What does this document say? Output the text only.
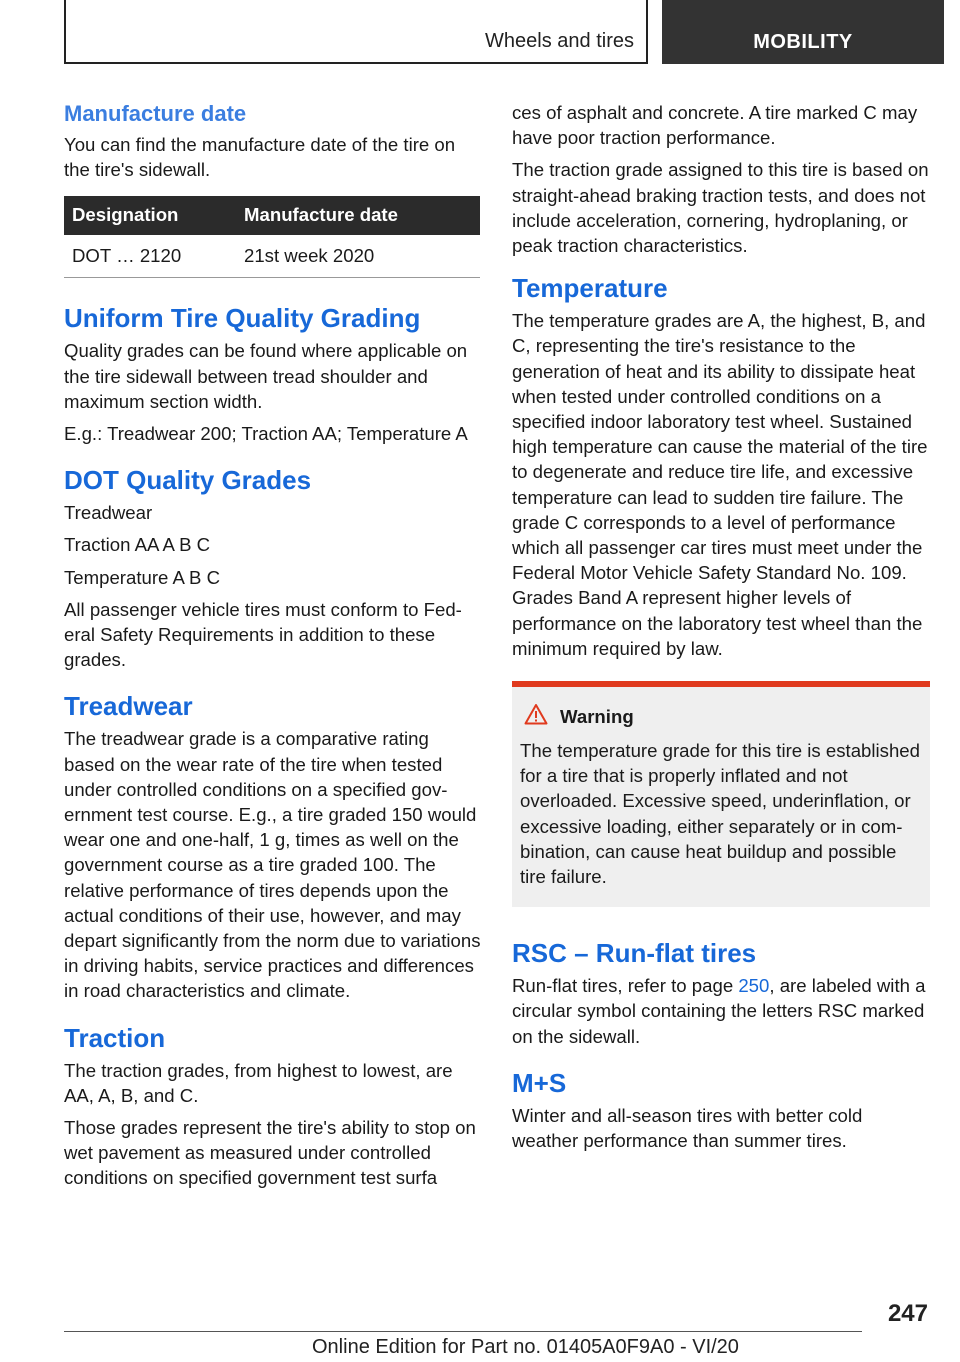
Wheels and tires	MOBILITY
Manufacture date

You can find the manufacture date of the tire on the tire's sidewall.

Designation	Manufacture date
DOT … 2120	21st week 2020
Uniform Tire Quality Grading

Quality grades can be found where applicable on the tire sidewall between tread shoulder and maximum section width.

E.g.: Treadwear 200; Traction AA; Temperature A

DOT Quality Grades

Treadwear

Traction AA A B C

Temperature A B C

All passenger vehicle tires must conform to Federal Safety Requirements in addition to these grades.

Treadwear

The treadwear grade is a comparative rating based on the wear rate of the tire when tested under controlled conditions on a specified government test course. E.g., a tire graded 150 would wear one and one-half, 1 g, times as well on the government course as a tire graded 100. The relative performance of tires depends upon the actual conditions of their use, however, and may depart significantly from the norm due to variations in driving habits, service practices and differences in road characteristics and climate.

Traction

The traction grades, from highest to lowest, are AA, A, B, and C.

Those grades represent the tire's ability to stop on wet pavement as measured under controlled conditions on specified government test surfa

ces of asphalt and concrete. A tire marked C may have poor traction performance.

The traction grade assigned to this tire is based on straight-ahead braking traction tests, and does not include acceleration, cornering, hydroplaning, or peak traction characteristics.

Temperature

The temperature grades are A, the highest, B, and C, representing the tire's resistance to the generation of heat and its ability to dissipate heat when tested under controlled conditions on a specified indoor laboratory test wheel. Sustained high temperature can cause the material of the tire to degenerate and reduce tire life, and excessive temperature can lead to sudden tire failure. The grade C corresponds to a level of performance which all passenger car tires must meet under the Federal Motor Vehicle Safety Standard No. 109. Grades Band A represent higher levels of performance on the laboratory test wheel than the minimum required by law.

Warning

The temperature grade for this tire is established for a tire that is properly inflated and not overloaded. Excessive speed, underinflation, or excessive loading, either separately or in combination, can cause heat buildup and possible tire failure.

RSC – Run-flat tires

Run-flat tires, refer to page 250, are labeled with a circular symbol containing the letters RSC marked on the sidewall.

M+S

Winter and all-season tires with better cold weather performance than summer tires.

247
Online Edition for Part no. 01405A0F9A0 - VI/20
